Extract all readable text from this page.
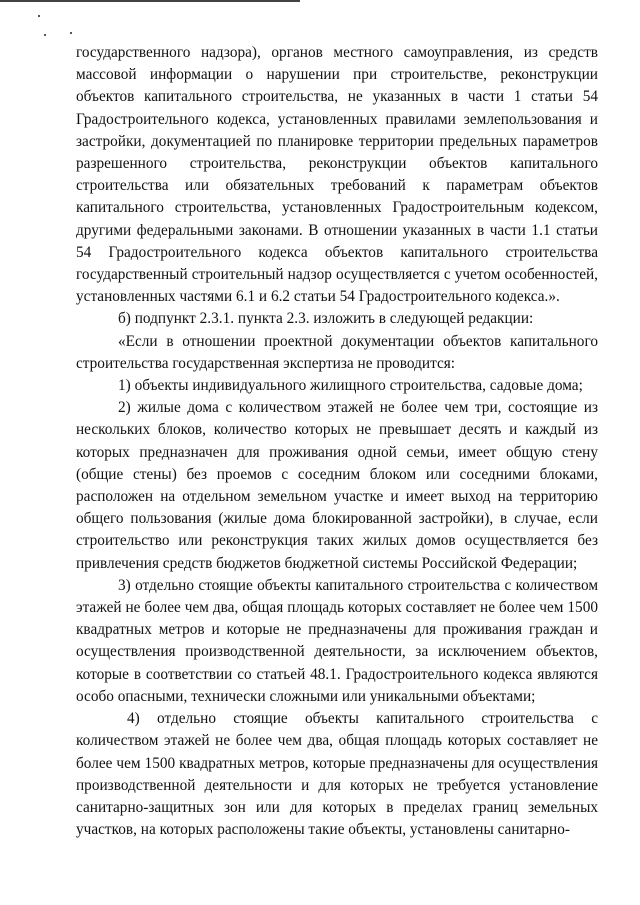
государственного надзора), органов местного самоуправления, из средств массовой информации о нарушении при строительстве, реконструкции объектов капитального строительства, не указанных в части 1 статьи 54 Градостроительного кодекса, установленных правилами землепользования и застройки, документацией по планировке территории предельных параметров разрешенного строительства, реконструкции объектов капитального строительства или обязательных требований к параметрам объектов капитального строительства, установленных Градостроительным кодексом, другими федеральными законами. В отношении указанных в части 1.1 статьи 54 Градостроительного кодекса объектов капитального строительства государственный строительный надзор осуществляется с учетом особенностей, установленных частями 6.1 и 6.2 статьи 54 Градостроительного кодекса.».

б) подпункт 2.3.1. пункта 2.3. изложить в следующей редакции:

«Если в отношении проектной документации объектов капитального строительства государственная экспертиза не проводится:

1) объекты индивидуального жилищного строительства, садовые дома;

2) жилые дома с количеством этажей не более чем три, состоящие из нескольких блоков, количество которых не превышает десять и каждый из которых предназначен для проживания одной семьи, имеет общую стену (общие стены) без проемов с соседним блоком или соседними блоками, расположен на отдельном земельном участке и имеет выход на территорию общего пользования (жилые дома блокированной застройки), в случае, если строительство или реконструкция таких жилых домов осуществляется без привлечения средств бюджетов бюджетной системы Российской Федерации;

3) отдельно стоящие объекты капитального строительства с количеством этажей не более чем два, общая площадь которых составляет не более чем 1500 квадратных метров и которые не предназначены для проживания граждан и осуществления производственной деятельности, за исключением объектов, которые в соответствии со статьей 48.1. Градостроительного кодекса являются особо опасными, технически сложными или уникальными объектами;

4) отдельно стоящие объекты капитального строительства с количеством этажей не более чем два, общая площадь которых составляет не более чем 1500 квадратных метров, которые предназначены для осуществления производственной деятельности и для которых не требуется установление санитарно-защитных зон или для которых в пределах границ земельных участков, на которых расположены такие объекты, установлены санитарно-
